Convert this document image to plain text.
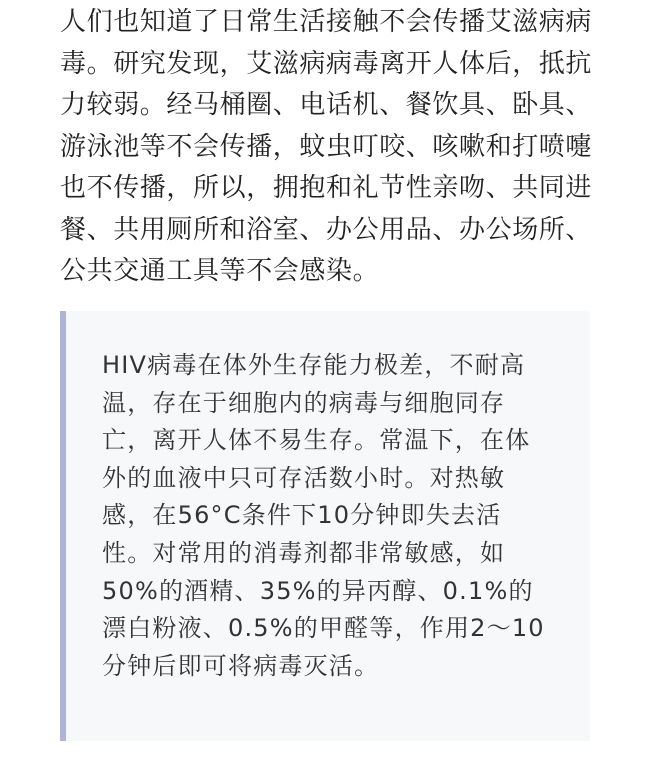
人们也知道了日常生活接触不会传播艾滋病病
毒。研究发现，艾滋病病毒离开人体后，抵抗
力较弱。经马桶圈、电话机、餐饮具、卧具、
游泳池等不会传播，蚊虫叮咬、咳嗽和打喷嚏
也不传播，所以，拥抱和礼节性亲吻、共同进
餐、共用厕所和浴室、办公用品、办公场所、
公共交通工具等不会感染。
HIV病毒在体外生存能力极差，不耐高
温，存在于细胞内的病毒与细胞同存
亡，离开人体不易生存。常温下，在体
外的血液中只可存活数小时。对热敏
感，在56°C条件下10分钟即失去活
性。对常用的消毒剂都非常敏感，如
50%的酒精、35%的异丙醇、0.1%的
漂白粉液、0.5%的甲醛等，作用2～10
分钟后即可将病毒灭活。
